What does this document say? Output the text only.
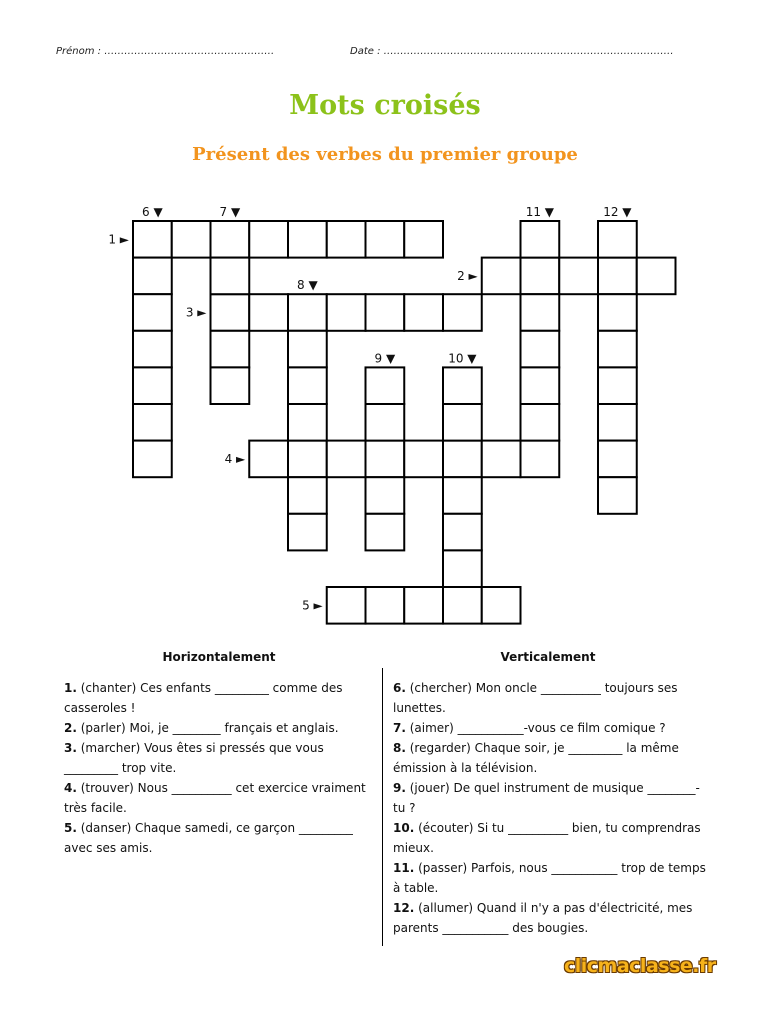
Prénom : ……………………………………………	Date : ……………………………………………………………………………
Mots croisés
Présent des verbes du premier groupe
1 ►
2 ►
3 ►
4 ►
5 ►
6 ▼	7 ▼
8 ▼
9 ▼	10 ▼
11 ▼	12 ▼
Horizontalement	Verticalement

1. (chanter) Ces enfants _________ comme des casseroles !

2. (parler) Moi, je ________ français et anglais.

3. (marcher) Vous êtes si pressés que vous _________ trop vite.

4. (trouver) Nous __________ cet exercice vraiment très facile.

5. (danser) Chaque samedi, ce garçon _________ avec ses amis.

6. (chercher) Mon oncle __________ toujours ses lunettes.

7. (aimer) ___________-vous ce film comique ?

8. (regarder) Chaque soir, je _________ la même émission à la télévision.

9. (jouer) De quel instrument de musique ________-tu ?

10. (écouter) Si tu __________ bien, tu comprendras mieux.

11. (passer) Parfois, nous ___________ trop de temps à table.

12. (allumer) Quand il n'y a pas d'électricité, mes parents ___________ des bougies.

clicmaclasse.fr
